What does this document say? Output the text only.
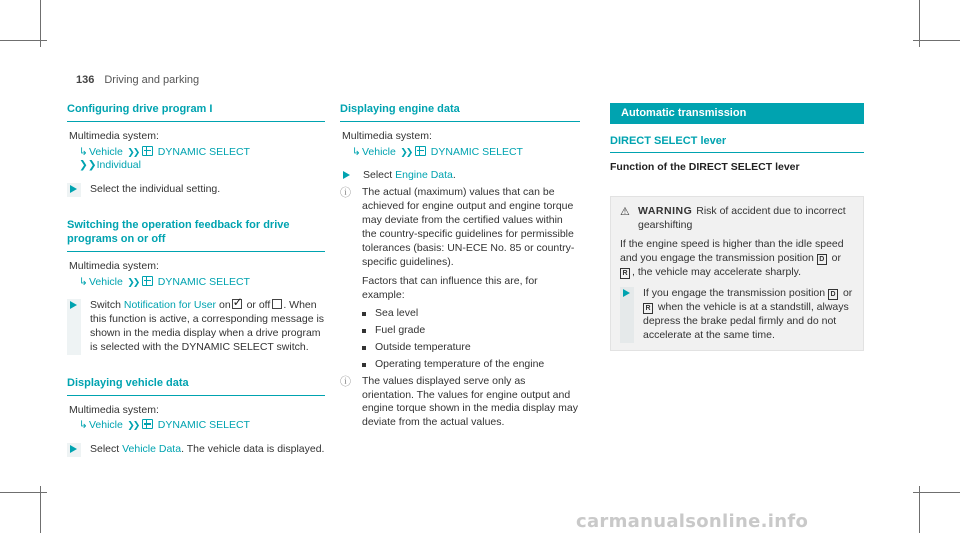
136 Driving and parking
Configuring drive program I
Multimedia system:
↳Vehicle ❯❯ DYNAMIC SELECT
❯❯Individual
Select the individual setting.
Switching the operation feedback for drive programs on or off
Multimedia system:
↳Vehicle ❯❯ DYNAMIC SELECT
Switch Notification for User on✓ or off . When this function is active, a corresponding message is shown in the media display when a drive program is selected with the DYNAMIC SELECT switch.
Displaying vehicle data
Multimedia system:
↳Vehicle ❯❯ DYNAMIC SELECT
Select Vehicle Data. The vehicle data is displayed.
Displaying engine data
Multimedia system:
↳Vehicle ❯❯ DYNAMIC SELECT
Select Engine Data.
ⓘ The actual (maximum) values that can be achieved for engine output and engine torque may deviate from the certified values within the country-specific guidelines for permissible tolerances (basis: UN-ECE No. 85 or country-specific guidelines).
Factors that can influence this are, for example:
Sea level
Fuel grade
Outside temperature
Operating temperature of the engine
ⓘ	The values displayed serve only as orientation. The values for engine output and engine torque shown in the media display may deviate from the actual values.
Automatic transmission
DIRECT SELECT lever
Function of the DIRECT SELECT lever
⚠ WARNING Risk of accident due to incorrect gearshifting
If the engine speed is higher than the idle speed and you engage the transmission position D or R , the vehicle may accelerate sharply.
If you engage the transmission position D or R when the vehicle is at a standstill, always depress the brake pedal firmly and do not accelerate at the same time.
carmanualsonline.info
